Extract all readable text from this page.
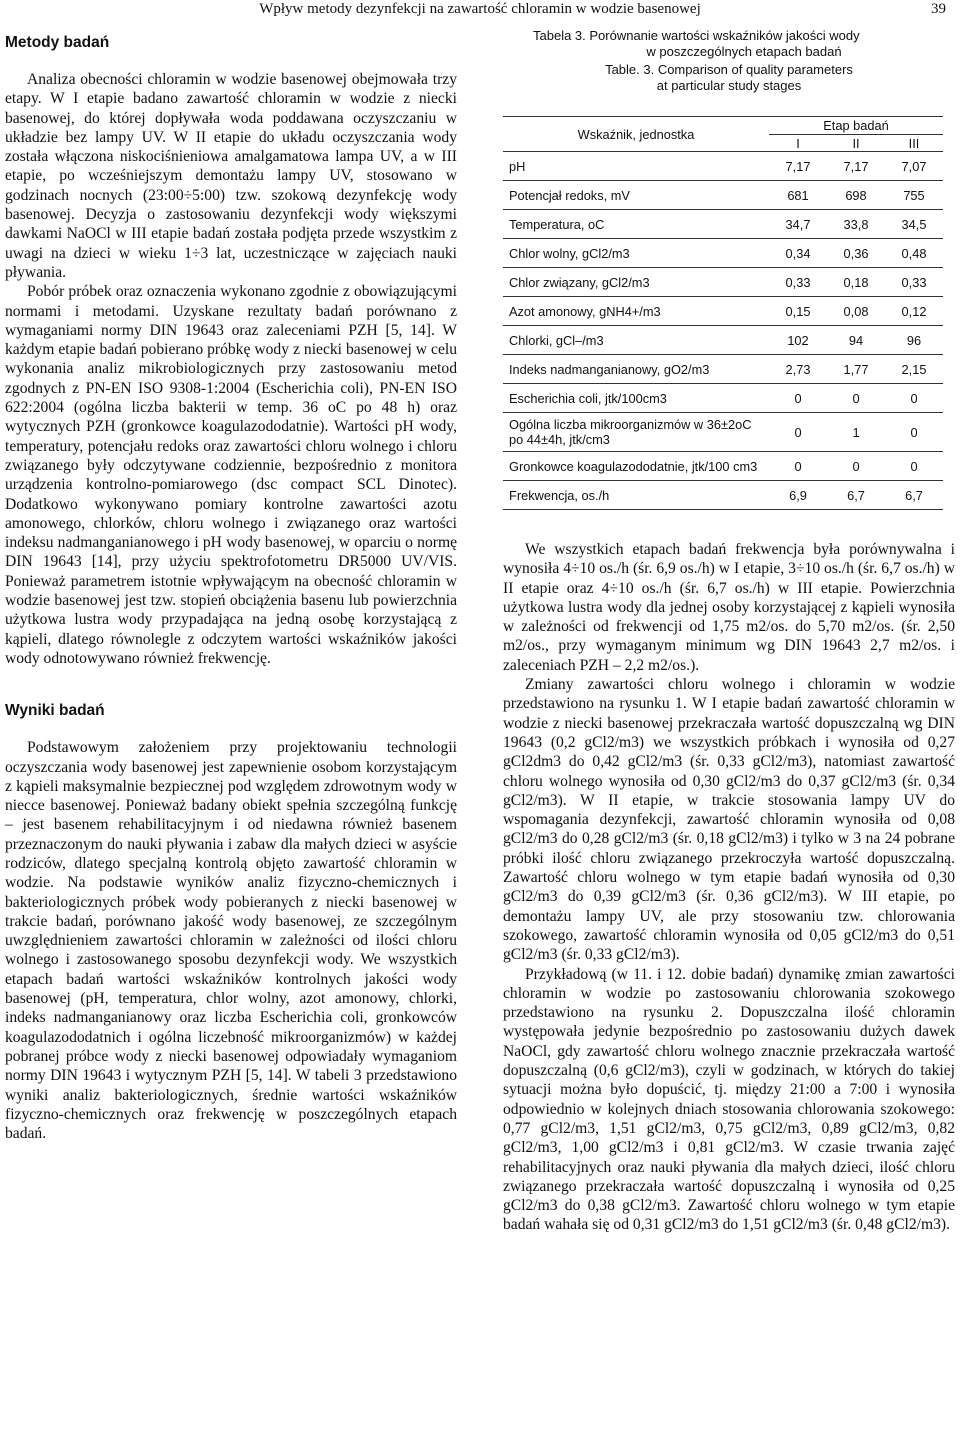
Wpływ metody dezynfekcji na zawartość chloramin w wodzie basenowej	39
Metody badań

Analiza obecności chloramin w wodzie basenowej obejmowała trzy etapy. W I etapie badano zawartość chloramin w wodzie z niecki basenowej, do której dopływała woda poddawana oczyszczaniu w układzie bez lampy UV. W II etapie do układu oczyszczania wody została włączona niskociśnieniowa amalgamatowa lampa UV, a w III etapie, po wcześniejszym demontażu lampy UV, stosowano w godzinach nocnych (23:00÷5:00) tzw. szokową dezynfekcję wody basenowej. Decyzja o zastosowaniu dezynfekcji wody większymi dawkami NaOCl w III etapie badań została podjęta przede wszystkim z uwagi na dzieci w wieku 1÷3 lat, uczestniczące w zajęciach nauki pływania.

Pobór próbek oraz oznaczenia wykonano zgodnie z obowiązującymi normami i metodami. Uzyskane rezultaty badań porównano z wymaganiami normy DIN 19643 oraz zaleceniami PZH [5, 14]. W każdym etapie badań pobierano próbkę wody z niecki basenowej w celu wykonania analiz mikrobiologicznych przy zastosowaniu metod zgodnych z PN-EN ISO 9308-1:2004 (Escherichia coli), PN-EN ISO 622:2004 (ogólna liczba bakterii w temp. 36 oC po 48 h) oraz wytycznych PZH (gronkowce koagulazododatnie). Wartości pH wody, temperatury, potencjału redoks oraz zawartości chloru wolnego i chloru związanego były odczytywane codziennie, bezpośrednio z monitora urządzenia kontrolno-pomiarowego (dsc compact SCL Dinotec). Dodatkowo wykonywano pomiary kontrolne zawartości azotu amonowego, chlorków, chloru wolnego i związanego oraz wartości indeksu nadmanganianowego i pH wody basenowej, w oparciu o normę DIN 19643 [14], przy użyciu spektrofotometru DR5000 UV/VIS. Ponieważ parametrem istotnie wpływającym na obecność chloramin w wodzie basenowej jest tzw. stopień obciążenia basenu lub powierzchnia użytkowa lustra wody przypadająca na jedną osobę korzystającą z kąpieli, dlatego równolegle z odczytem wartości wskaźników jakości wody odnotowywano również frekwencję.

Wyniki badań

Podstawowym założeniem przy projektowaniu technologii oczyszczania wody basenowej jest zapewnienie osobom korzystającym z kąpieli maksymalnie bezpiecznej pod względem zdrowotnym wody w niecce basenowej. Ponieważ badany obiekt spełnia szczególną funkcję – jest basenem rehabilitacyjnym i od niedawna również basenem przeznaczonym do nauki pływania i zabaw dla małych dzieci w asyście rodziców, dlatego specjalną kontrolą objęto zawartość chloramin w wodzie. Na podstawie wyników analiz fizyczno-chemicznych i bakteriologicznych próbek wody pobieranych z niecki basenowej w trakcie badań, porównano jakość wody basenowej, ze szczególnym uwzględnieniem zawartości chloramin w zależności od ilości chloru wolnego i zastosowanego sposobu dezynfekcji wody. We wszystkich etapach badań wartości wskaźników kontrolnych jakości wody basenowej (pH, temperatura, chlor wolny, azot amonowy, chlorki, indeks nadmanganianowy oraz liczba Escherichia coli, gronkowców koagulazododatnich i ogólna liczebność mikroorganizmów) w każdej pobranej próbce wody z niecki basenowej odpowiadały wymaganiom normy DIN 19643 i wytycznym PZH [5, 14]. W tabeli 3 przedstawiono wyniki analiz bakteriologicznych, średnie wartości wskaźników fizyczno-chemicznych oraz frekwencję w poszczególnych etapach badań.

Tabela 3. Porównanie wartości wskaźników jakości wody
w poszczególnych etapach badań
Table. 3. Comparison of quality parameters
at particular study stages
Wskaźnik, jednostka	Etap badań		
	I	II	III
pH	7,17	7,17	7,07
Potencjał redoks, mV	681	698	755
Temperatura, oC	34,7	33,8	34,5
Chlor wolny, gCl2/m3	0,34	0,36	0,48
Chlor związany, gCl2/m3	0,33	0,18	0,33
Azot amonowy, gNH4+/m3	0,15	0,08	0,12
Chlorki, gCl–/m3	102	94	96
Indeks nadmanganianowy, gO2/m3	2,73	1,77	2,15
Escherichia coli, jtk/100cm3	0	0	0
Ogólna liczba mikroorganizmów w 36±2oC po 44±4h, jtk/cm3	0	1	0
Gronkowce koagulazododatnie, jtk/100 cm3	0	0	0
Frekwencja, os./h	6,9	6,7	6,7

We wszystkich etapach badań frekwencja była porównywalna i wynosiła 4÷10 os./h (śr. 6,9 os./h) w I etapie, 3÷10 os./h (śr. 6,7 os./h) w II etapie oraz 4÷10 os./h (śr. 6,7 os./h) w III etapie. Powierzchnia użytkowa lustra wody dla jednej osoby korzystającej z kąpieli wynosiła w zależności od frekwencji od 1,75 m2/os. do 5,70 m2/os. (śr. 2,50 m2/os., przy wymaganym minimum wg DIN 19643 2,7 m2/os. i zaleceniach PZH – 2,2 m2/os.).

Zmiany zawartości chloru wolnego i chloramin w wodzie przedstawiono na rysunku 1. W I etapie badań zawartość chloramin w wodzie z niecki basenowej przekraczała wartość dopuszczalną wg DIN 19643 (0,2 gCl2/m3) we wszystkich próbkach i wynosiła od 0,27 gCl2dm3 do 0,42 gCl2/m3 (śr. 0,33 gCl2/m3), natomiast zawartość chloru wolnego wynosiła od 0,30 gCl2/m3 do 0,37 gCl2/m3 (śr. 0,34 gCl2/m3). W II etapie, w trakcie stosowania lampy UV do wspomagania dezynfekcji, zawartość chloramin wynosiła od 0,08 gCl2/m3 do 0,28 gCl2/m3 (śr. 0,18 gCl2/m3) i tylko w 3 na 24 pobrane próbki ilość chloru związanego przekroczyła wartość dopuszczalną. Zawartość chloru wolnego w tym etapie badań wynosiła od 0,30 gCl2/m3 do 0,39 gCl2/m3 (śr. 0,36 gCl2/m3). W III etapie, po demontażu lampy UV, ale przy stosowaniu tzw. chlorowania szokowego, zawartość chloramin wynosiła od 0,05 gCl2/m3 do 0,51 gCl2/m3 (śr. 0,33 gCl2/m3).

Przykładową (w 11. i 12. dobie badań) dynamikę zmian zawartości chloramin w wodzie po zastosowaniu chlorowania szokowego przedstawiono na rysunku 2. Dopuszczalna ilość chloramin występowała jedynie bezpośrednio po zastosowaniu dużych dawek NaOCl, gdy zawartość chloru wolnego znacznie przekraczała wartość dopuszczalną (0,6 gCl2/m3), czyli w godzinach, w których do takiej sytuacji można było dopuścić, tj. między 21:00 a 7:00 i wynosiła odpowiednio w kolejnych dniach stosowania chlorowania szokowego: 0,77 gCl2/m3, 1,51 gCl2/m3, 0,75 gCl2/m3, 0,89 gCl2/m3, 0,82 gCl2/m3, 1,00 gCl2/m3 i 0,81 gCl2/m3. W czasie trwania zajęć rehabilitacyjnych oraz nauki pływania dla małych dzieci, ilość chloru związanego przekraczała wartość dopuszczalną i wynosiła od 0,25 gCl2/m3 do 0,38 gCl2/m3. Zawartość chloru wolnego w tym etapie badań wahała się od 0,31 gCl2/m3 do 1,51 gCl2/m3 (śr. 0,48 gCl2/m3).
